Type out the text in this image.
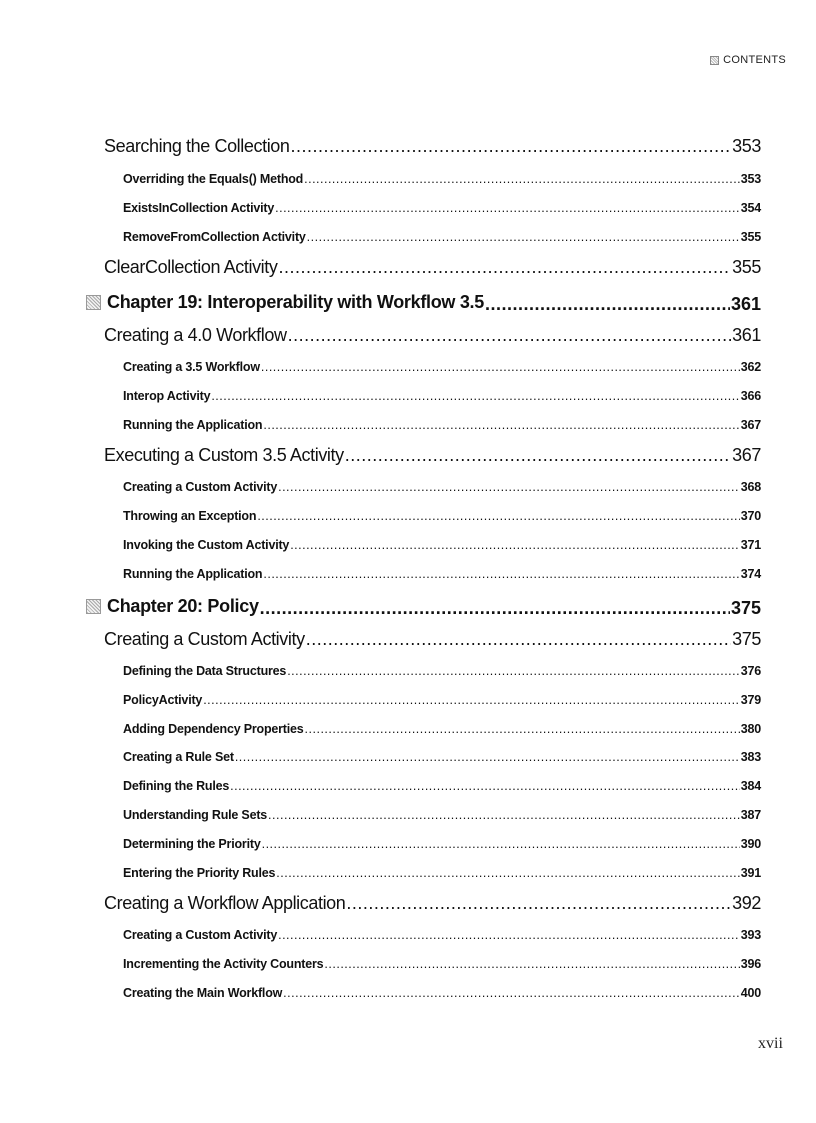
CONTENTS
Searching the Collection .....	353
Overriding the Equals() Method .....	353
ExistsInCollection Activity .....	354
RemoveFromCollection Activity .....	355
ClearCollection Activity .....	355
Chapter 19: Interoperability with Workflow 3.5 .....	361
Creating a 4.0 Workflow .....	361
Creating a 3.5 Workflow .....	362
Interop Activity .....	366
Running the Application .....	367
Executing a Custom 3.5 Activity .....	367
Creating a Custom Activity .....	368
Throwing an Exception .....	370
Invoking the Custom Activity .....	371
Running the Application .....	374
Chapter 20: Policy .....	375
Creating a Custom Activity .....	375
Defining the Data Structures .....	376
PolicyActivity .....	379
Adding Dependency Properties .....	380
Creating a Rule Set .....	383
Defining the Rules .....	384
Understanding Rule Sets .....	387
Determining the Priority .....	390
Entering the Priority Rules .....	391
Creating a Workflow Application .....	392
Creating a Custom Activity .....	393
Incrementing the Activity Counters .....	396
Creating the Main Workflow .....	400
xvii
